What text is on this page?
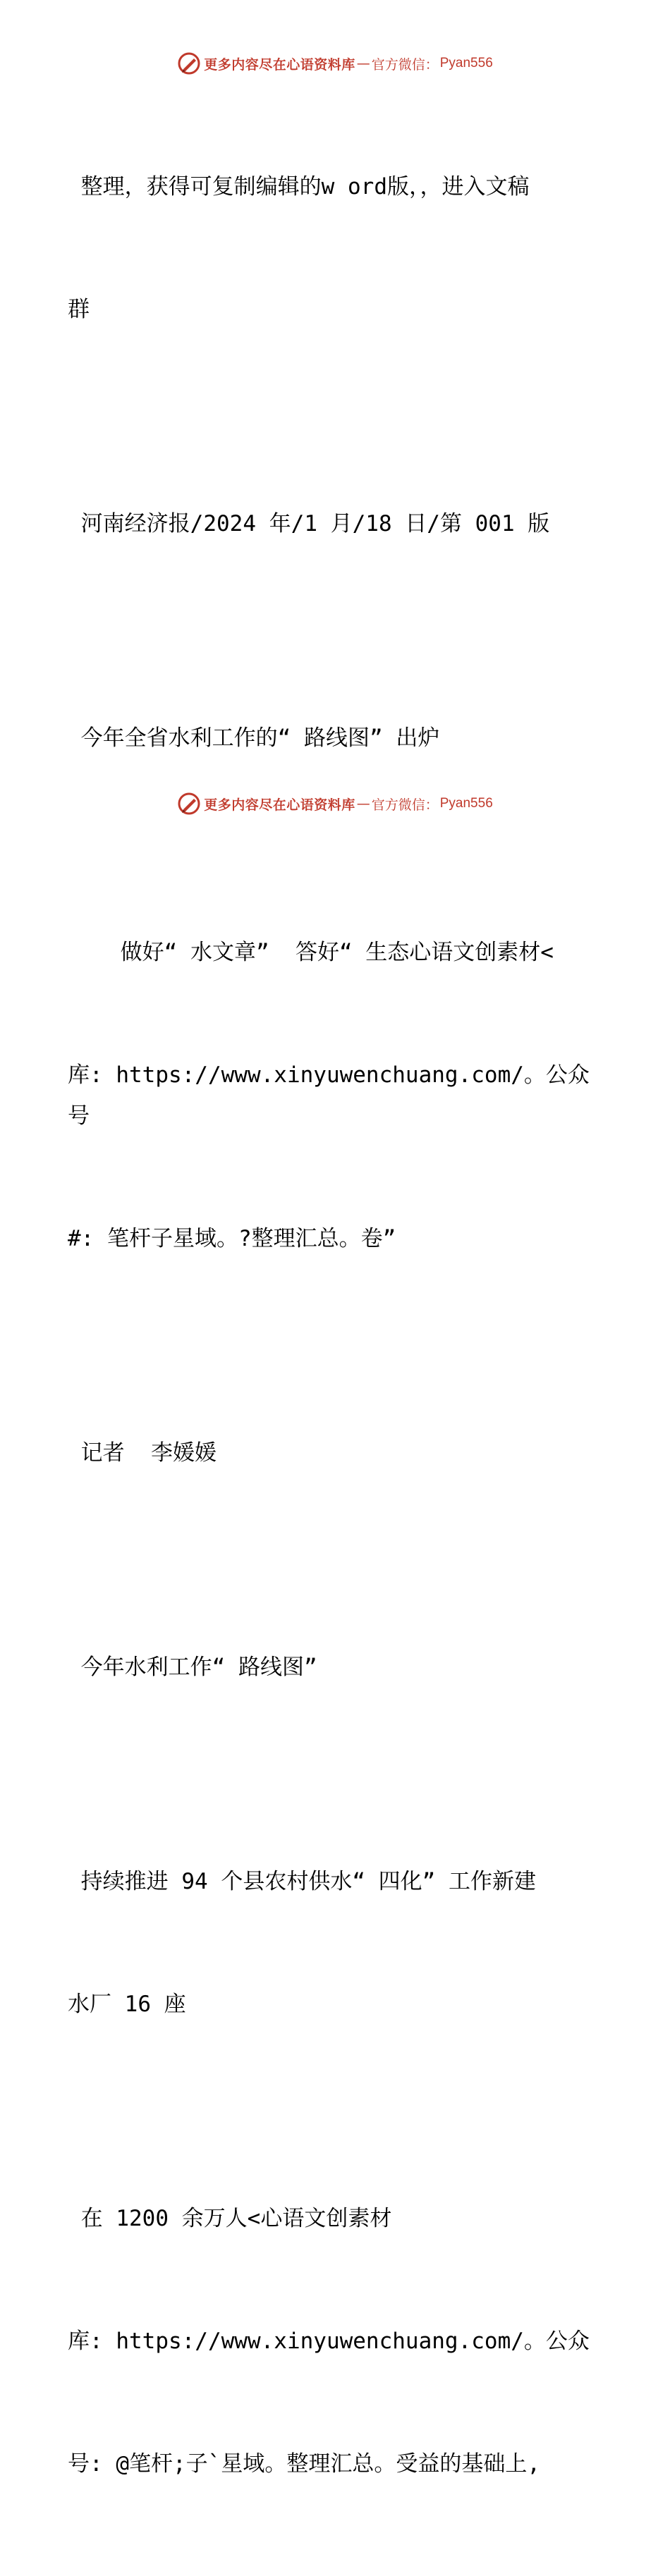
更多内容尽在心语资料库 — 官方微信： Pyan556

整理，获得可复制编辑的w ord版，，进入文稿

群

河南经济报/2024 年/1 月/18 日/第 001 版

今年全省水利工作的“ 路线图” 出炉

做好“ 水文章”  答好“ 生态心语文创素材<

库: https://www.xinyuwenchuang.com/。公众号

#: 笔杆子星域。?整理汇总。卷”

记者  李媛媛

今年水利工作“ 路线图”

持续推进 94 个县农村供水“ 四化” 工作新建

水厂 16 座

在 1200 余万人<心语文创素材

库: https://www.xinyuwenchuang.com/。公众

号: @笔杆;子`星域。整理汇总。受益的基础上,

更多内容尽在心语资料库 — 官方微信： Pyan556
